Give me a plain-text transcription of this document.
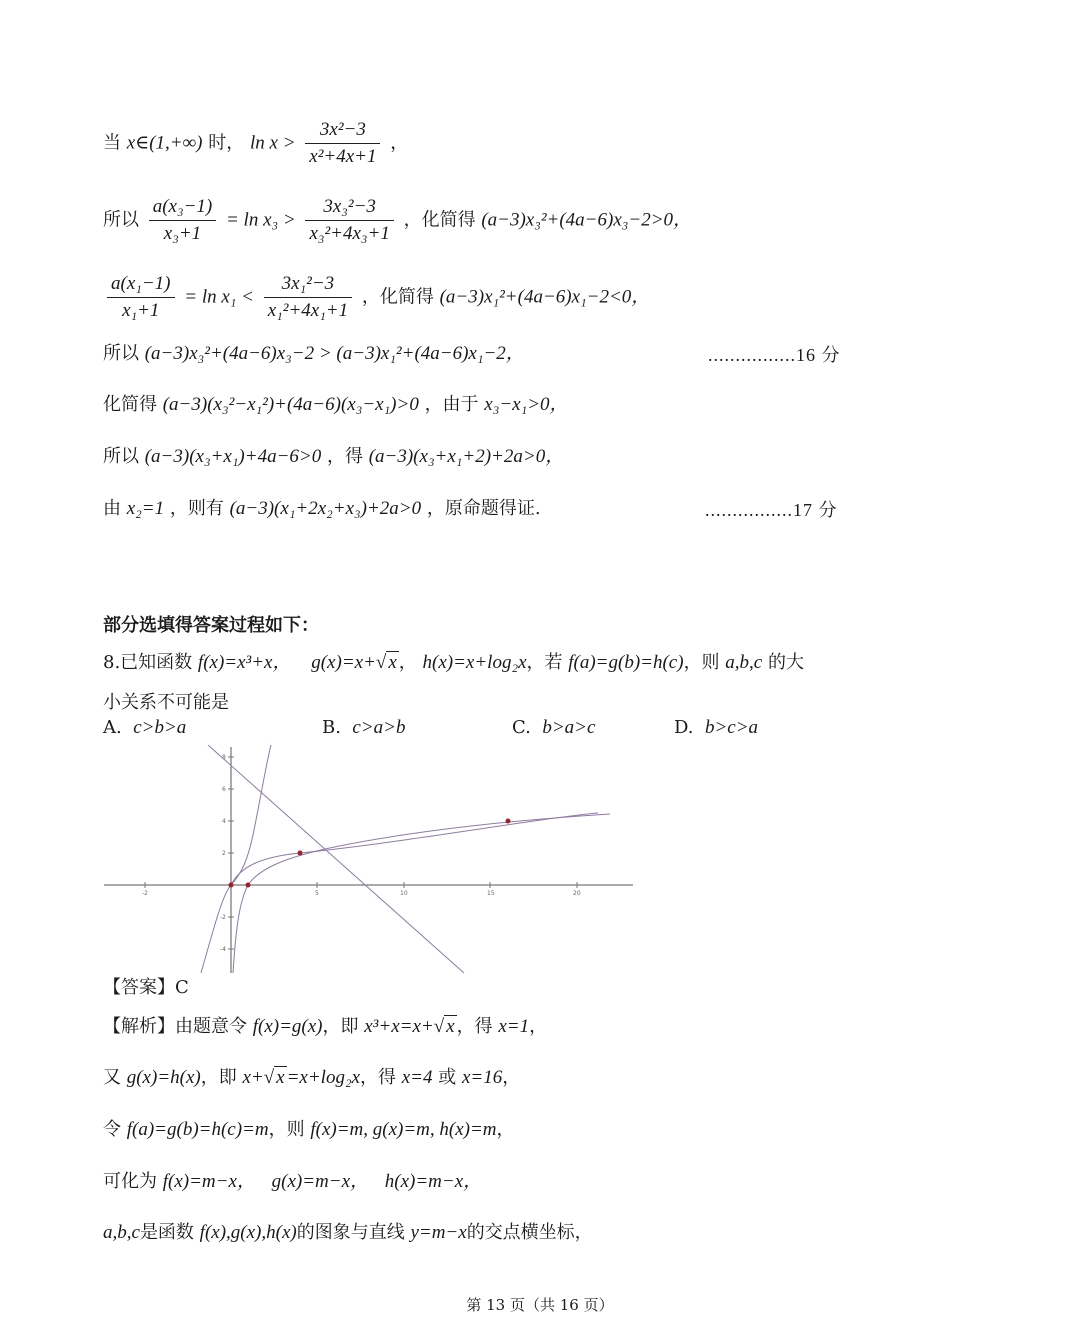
当 x∈(1,+∞) 时， $\ln x > \frac{\text{3x²−3}}{\text{x²+4x+1}}$ ，
所以 $\frac{\text{a(x₃−1)}}{\text{x₃+1}} = \ln x_3 > \frac{\text{3x₃²−3}}{\text{x₃²+4x₃+1}}$ ，化简得 (a−3)x₃²+(4a−6)x₃−2>0，
$\frac{\text{a(x₁−1)}}{\text{x₁+1}} = \ln x_1 < \frac{\text{3x₁²−3}}{\text{x₁²+4x₁+1}}$ ，化简得 (a−3)x₁²+(4a−6)x₁−2<0，
所以 (a−3)x₃²+(4a−6)x₃−2 > (a−3)x₁²+(4a−6)x₁−2，	................16 分
化简得 (a−3)(x₃²−x₁²)+(4a−6)(x₃−x₁)>0 ，由于 x₃−x₁>0，
所以 (a−3)(x₃+x₁)+4a−6>0 ，得 (a−3)(x₃+x₁+2)+2a>0，
由 x₂=1 ，则有 (a−3)(x₁+2x₂+x₃)+2a>0 ，原命题得证.	................17 分
部分选填得答案过程如下：
8.已知函数 f(x)=x³+x， g(x)=x+√ x ， h(x)=x+log₂x，若 f(a)=g(b)=h(c)，则 a,b,c 的大
小关系不可能是
A. c>b>a	B. c>a>b	C. b>a>c	D. b>c>a
-2	5	10	15	20
8
6
4
2
-2
-4
【答案】C
【解析】由题意令 f(x)=g(x)，即 x³+x=x+√ x ，得 x=1，
又 g(x)=h(x)，即 x+√ x =x+log₂x，得 x=4 或 x=16，
令 f(a)=g(b)=h(c)=m，则 f(x)=m, g(x)=m, h(x)=m，
可化为 f(x)=m−x， g(x)=m−x， h(x)=m−x，
a,b,c是函数 f(x),g(x),h(x)的图象与直线 y=m−x的交点横坐标，
第 13 页（共 16 页）
